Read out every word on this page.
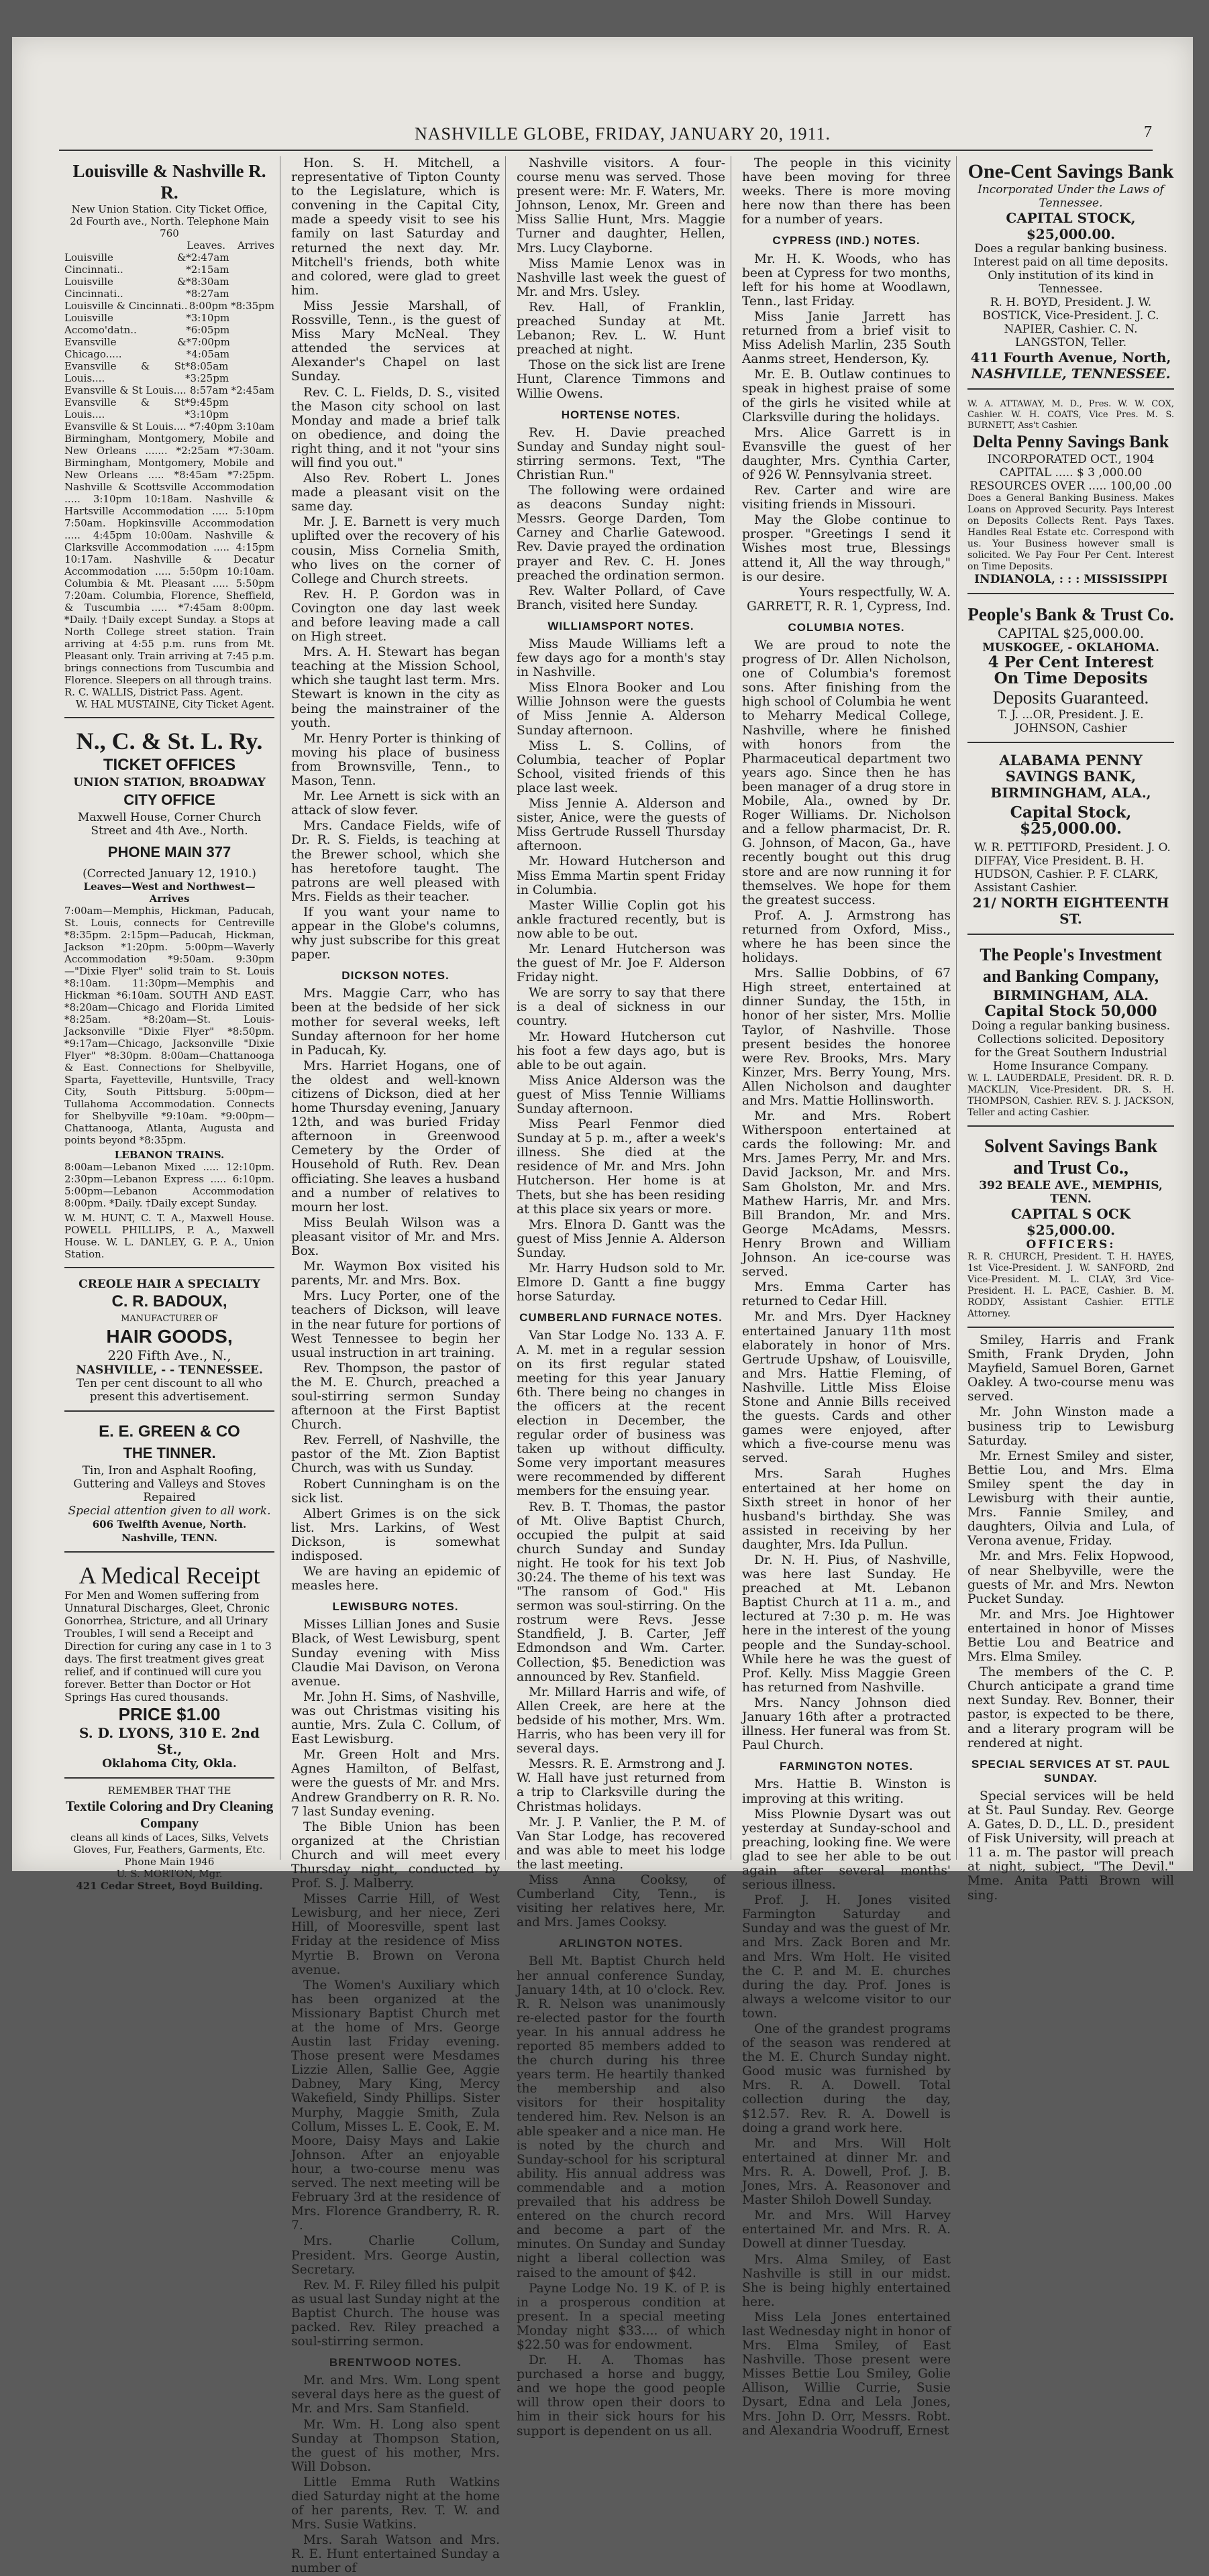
NASHVILLE GLOBE, FRIDAY, JANUARY 20, 1911.	7
Louisville & Nashville R. R.
New Union Station. City Ticket Office, 2d Fourth ave., North. Telephone Main 760
Leaves. Arrives
Louisville & Cincinnati..
*2:47am *2:15am
Louisville & Cincinnati..
*8:30am *8:27am
Louisville & Cincinnati.. 8:00pm *8:35pm
Louisville Accomo'datn..
*3:10pm *6:05pm
Evansville & Chicago.....
*7:00pm *4:05am
Evansville & St Louis....
*8:05am *3:25pm
Evansville & St Louis.... 8:57am *2:45am
Evansville & St Louis....
*9:45pm *3:10pm
Evansville & St Louis.... *7:40pm 3:10am
Birmingham, Montgomery, Mobile and New Orleans ....... *2:25am *7:30am. Birmingham, Montgomery, Mobile and New Orleans ..... *8:45am *7:25pm. Nashville & Scottsville Accommodation ..... 3:10pm 10:18am. Nashville & Hartsville Accommodation ..... 5:10pm 7:50am. Hopkinsville Accommodation ..... 4:45pm 10:00am. Nashville & Clarksville Accommodation ..... 4:15pm 10:17am. Nashville & Decatur Accommodation ..... 5:50pm 10:10am. Columbia & Mt. Pleasant ..... 5:50pm 7:20am. Columbia, Florence, Sheffield, & Tuscumbia ..... *7:45am 8:00pm. *Daily. †Daily except Sunday. a Stops at North College street station. Train arriving at 4:55 p.m. runs from Mt. Pleasant only. Train arriving at 7:45 p.m. brings connections from Tuscumbia and Florence. Sleepers on all through trains.
R. C. WALLIS, District Pass. Agent.
W. HAL MUSTAINE, City Ticket Agent.
N., C. & St. L. Ry.
TICKET OFFICES
UNION STATION, BROADWAY
CITY OFFICE
Maxwell House, Corner Church Street and 4th Ave., North.
PHONE MAIN 377
(Corrected January 12, 1910.)
Leaves—West and Northwest—Arrives
7:00am—Memphis, Hickman, Paducah, St. Louis, connects for Centreville *8:35pm. 2:15pm—Paducah, Hickman, Jackson *1:20pm. 5:00pm—Waverly Accommodation *9:50am. 9:30pm—"Dixie Flyer" solid train to St. Louis *8:10am. 11:30pm—Memphis and Hickman *6:10am. SOUTH AND EAST. *8:20am—Chicago and Florida Limited *8:25am. *8:20am—St. Louis-Jacksonville "Dixie Flyer" *8:50pm. *9:17am—Chicago, Jacksonville "Dixie Flyer" *8:30pm. 8:00am—Chattanooga & East. Connections for Shelbyville, Sparta, Fayetteville, Huntsville, Tracy City, South Pittsburg. 5:00pm—Tullahoma Accommodation. Connects for Shelbyville *9:10am. *9:00pm—Chattanooga, Atlanta, Augusta and points beyond *8:35pm.
LEBANON TRAINS.
8:00am—Lebanon Mixed ..... 12:10pm. 2:30pm—Lebanon Express ..... 6:10pm. 5:00pm—Lebanon Accommodation 8:00pm. *Daily. †Daily except Sunday.
W. M. HUNT, C. T. A., Maxwell House. POWELL PHILLIPS, P. A., Maxwell House. W. L. DANLEY, G. P. A., Union Station.
CREOLE HAIR A SPECIALTY
C. R. BADOUX,
MANUFACTURER OF
HAIR GOODS,
220 Fifth Ave., N.,
NASHVILLE, - - TENNESSEE.
Ten per cent discount to all who present this advertisement.
E. E. GREEN & CO
THE TINNER.
Tin, Iron and Asphalt Roofing, Guttering and Valleys and Stoves Repaired
Special attention given to all work.
606 Twelfth Avenue, North. Nashville, TENN.
A Medical Receipt
For Men and Women suffering from Unnatural Discharges, Gleet, Chronic Gonorrhea, Stricture, and all Urinary Troubles, I will send a Receipt and Direction for curing any case in 1 to 3 days. The first treatment gives great relief, and if continued will cure you forever. Better than Doctor or Hot Springs Has cured thousands.
PRICE $1.00
S. D. LYONS, 310 E. 2nd St.,
Oklahoma City, Okla.
REMEMBER THAT THE
Textile Coloring and Dry Cleaning Company
cleans all kinds of Laces, Silks, Velvets Gloves, Fur, Feathers, Garments, Etc.
Phone Main 1946
U. S. MORTON, Mgr.
421 Cedar Street, Boyd Building.

Hon. S. H. Mitchell, a representative of Tipton County to the Legislature, which is convening in the Capital City, made a speedy visit to see his family on last Saturday and returned the next day. Mr. Mitchell's friends, both white and colored, were glad to greet him.

Miss Jessie Marshall, of Rossville, Tenn., is the guest of Miss Mary McNeal. They attended the services at Alexander's Chapel on last Sunday.

Rev. C. L. Fields, D. S., visited the Mason city school on last Monday and made a brief talk on obedience, and doing the right thing, and it not "your sins will find you out."

Also Rev. Robert L. Jones made a pleasant visit on the same day.

Mr. J. E. Barnett is very much uplifted over the recovery of his cousin, Miss Cornelia Smith, who lives on the corner of College and Church streets.

Rev. H. P. Gordon was in Covington one day last week and before leaving made a call on High street.

Mrs. A. H. Stewart has began teaching at the Mission School, which she taught last term. Mrs. Stewart is known in the city as being the mainstrainer of the youth.

Mr. Henry Porter is thinking of moving his place of business from Brownsville, Tenn., to Mason, Tenn.

Mr. Lee Arnett is sick with an attack of slow fever.

Mrs. Candace Fields, wife of Dr. R. S. Fields, is teaching at the Brewer school, which she has heretofore taught. The patrons are well pleased with Mrs. Fields as their teacher.

If you want your name to appear in the Globe's columns, why just subscribe for this great paper.

DICKSON NOTES.

Mrs. Maggie Carr, who has been at the bedside of her sick mother for several weeks, left Sunday afternoon for her home in Paducah, Ky.

Mrs. Harriet Hogans, one of the oldest and well-known citizens of Dickson, died at her home Thursday evening, January 12th, and was buried Friday afternoon in Greenwood Cemetery by the Order of Household of Ruth. Rev. Dean officiating. She leaves a husband and a number of relatives to mourn her lost.

Miss Beulah Wilson was a pleasant visitor of Mr. and Mrs. Box.

Mr. Waymon Box visited his parents, Mr. and Mrs. Box.

Mrs. Lucy Porter, one of the teachers of Dickson, will leave in the near future for portions of West Tennessee to begin her usual instruction in art training.

Rev. Thompson, the pastor of the M. E. Church, preached a soul-stirring sermon Sunday afternoon at the First Baptist Church.

Rev. Ferrell, of Nashville, the pastor of the Mt. Zion Baptist Church, was with us Sunday.

Robert Cunningham is on the sick list.

Albert Grimes is on the sick list. Mrs. Larkins, of West Dickson, is somewhat indisposed.

We are having an epidemic of measles here.

LEWISBURG NOTES.

Misses Lillian Jones and Susie Black, of West Lewisburg, spent Sunday evening with Miss Claudie Mai Davison, on Verona avenue.

Mr. John H. Sims, of Nashville, was out Christmas visiting his auntie, Mrs. Zula C. Collum, of East Lewisburg.

Mr. Green Holt and Mrs. Agnes Hamilton, of Belfast, were the guests of Mr. and Mrs. Andrew Grandberry on R. R. No. 7 last Sunday evening.

The Bible Union has been organized at the Christian Church and will meet every Thursday night, conducted by Prof. S. J. Malberry.

Misses Carrie Hill, of West Lewisburg, and her niece, Zeri Hill, of Mooresville, spent last Friday at the residence of Miss Myrtie B. Brown on Verona avenue.

The Women's Auxiliary which has been organized at the Missionary Baptist Church met at the home of Mrs. George Austin last Friday evening. Those present were Mesdames Lizzie Allen, Sallie Gee, Aggie Dabney, Mary King, Mercy Wakefield, Sindy Phillips. Sister Murphy, Maggie Smith, Zula Collum, Misses L. E. Cook, E. M. Moore, Daisy Mays and Lakie Johnson. After an enjoyable hour, a two-course menu was served. The next meeting will be February 3rd at the residence of Mrs. Florence Grandberry, R. R. 7.

Mrs. Charlie Collum, President. Mrs. George Austin, Secretary.

Rev. M. F. Riley filled his pulpit as usual last Sunday night at the Baptist Church. The house was packed. Rev. Riley preached a soul-stirring sermon.

BRENTWOOD NOTES.

Mr. and Mrs. Wm. Long spent several days here as the guest of Mr. and Mrs. Sam Stanfield.

Mr. Wm. H. Long also spent Sunday at Thompson Station, the guest of his mother, Mrs. Will Dobson.

Little Emma Ruth Watkins died Saturday night at the home of her parents, Rev. T. W. and Mrs. Susie Watkins.

Mrs. Sarah Watson and Mrs. R. E. Hunt entertained Sunday a number of

Nashville visitors. A four-course menu was served. Those present were: Mr. F. Waters, Mr. Johnson, Lenox, Mr. Green and Miss Sallie Hunt, Mrs. Maggie Turner and daughter, Hellen, Mrs. Lucy Clayborne.

Miss Mamie Lenox was in Nashville last week the guest of Mr. and Mrs. Usley.

Rev. Hall, of Franklin, preached Sunday at Mt. Lebanon; Rev. L. W. Hunt preached at night.

Those on the sick list are Irene Hunt, Clarence Timmons and Willie Owens.

HORTENSE NOTES.

Rev. H. Davie preached Sunday and Sunday night soul-stirring sermons. Text, "The Christian Run."

The following were ordained as deacons Sunday night: Messrs. George Darden, Tom Carney and Charlie Gatewood. Rev. Davie prayed the ordination prayer and Rev. C. H. Jones preached the ordination sermon.

Rev. Walter Pollard, of Cave Branch, visited here Sunday.

WILLIAMSPORT NOTES.

Miss Maude Williams left a few days ago for a month's stay in Nashville.

Miss Elnora Booker and Lou Willie Johnson were the guests of Miss Jennie A. Alderson Sunday afternoon.

Miss L. S. Collins, of Columbia, teacher of Poplar School, visited friends of this place last week.

Miss Jennie A. Alderson and sister, Anice, were the guests of Miss Gertrude Russell Thursday afternoon.

Mr. Howard Hutcherson and Miss Emma Martin spent Friday in Columbia.

Master Willie Coplin got his ankle fractured recently, but is now able to be out.

Mr. Lenard Hutcherson was the guest of Mr. Joe F. Alderson Friday night.

We are sorry to say that there is a deal of sickness in our country.

Mr. Howard Hutcherson cut his foot a few days ago, but is able to be out again.

Miss Anice Alderson was the guest of Miss Tennie Williams Sunday afternoon.

Miss Pearl Fenmor died Sunday at 5 p. m., after a week's illness. She died at the residence of Mr. and Mrs. John Hutcherson. Her home is at Thets, but she has been residing at this place six years or more.

Mrs. Elnora D. Gantt was the guest of Miss Jennie A. Alderson Sunday.

Mr. Harry Hudson sold to Mr. Elmore D. Gantt a fine buggy horse Saturday.

CUMBERLAND FURNACE NOTES.

Van Star Lodge No. 133 A. F. A. M. met in a regular session on its first regular stated meeting for this year January 6th. There being no changes in the officers at the recent election in December, the regular order of business was taken up without difficulty. Some very important measures were recommended by different members for the ensuing year.

Rev. B. T. Thomas, the pastor of Mt. Olive Baptist Church, occupied the pulpit at said church Sunday and Sunday night. He took for his text Job 30:24. The theme of his text was "The ransom of God." His sermon was soul-stirring. On the rostrum were Revs. Jesse Standfield, J. B. Carter, Jeff Edmondson and Wm. Carter. Collection, $5. Benediction was announced by Rev. Stanfield.

Mr. Millard Harris and wife, of Allen Creek, are here at the bedside of his mother, Mrs. Wm. Harris, who has been very ill for several days.

Messrs. R. E. Armstrong and J. W. Hall have just returned from a trip to Clarksville during the Christmas holidays.

Mr. J. P. Vanlier, the P. M. of Van Star Lodge, has recovered and was able to meet his lodge the last meeting.

Miss Anna Cooksy, of Cumberland City, Tenn., is visiting her relatives here, Mr. and Mrs. James Cooksy.

ARLINGTON NOTES.

Bell Mt. Baptist Church held her annual conference Sunday, January 14th, at 10 o'clock. Rev. R. R. Nelson was unanimously re-elected pastor for the fourth year. In his annual address he reported 85 members added to the church during his three years term. He heartily thanked the membership and also visitors for their hospitality tendered him. Rev. Nelson is an able speaker and a nice man. He is noted by the church and Sunday-school for his scriptural ability. His annual address was commendable and a motion prevailed that his address be entered on the church record and become a part of the minutes. On Sunday and Sunday night a liberal collection was raised to the amount of $42.

Payne Lodge No. 19 K. of P. is in a prosperous condition at present. In a special meeting Monday night $33.... of which $22.50 was for endowment.

Dr. H. A. Thomas has purchased a horse and buggy, and we hope the good people will throw open their doors to him in their sick hours for his support is dependent on us all.

The people in this vicinity have been moving for three weeks. There is more moving here now than there has been for a number of years.

CYPRESS (IND.) NOTES.

Mr. H. K. Woods, who has been at Cypress for two months, left for his home at Woodlawn, Tenn., last Friday.

Miss Janie Jarrett has returned from a brief visit to Miss Adelish Marlin, 235 South Aanms street, Henderson, Ky.

Mr. E. B. Outlaw continues to speak in highest praise of some of the girls he visited while at Clarksville during the holidays.

Mrs. Alice Garrett is in Evansville the guest of her daughter, Mrs. Cynthia Carter, of 926 W. Pennsylvania street.

Rev. Carter and wire are visiting friends in Missouri.

May the Globe continue to prosper. "Greetings I send it Wishes most true, Blessings attend it, All the way through," is our desire.

Yours respectfully, W. A. GARRETT, R. R. 1, Cypress, Ind.

COLUMBIA NOTES.

We are proud to note the progress of Dr. Allen Nicholson, one of Columbia's foremost sons. After finishing from the high school of Columbia he went to Meharry Medical College, Nashville, where he finished with honors from the Pharmaceutical department two years ago. Since then he has been manager of a drug store in Mobile, Ala., owned by Dr. Roger Williams. Dr. Nicholson and a fellow pharmacist, Dr. R. G. Johnson, of Macon, Ga., have recently bought out this drug store and are now running it for themselves. We hope for them the greatest success.

Prof. A. J. Armstrong has returned from Oxford, Miss., where he has been since the holidays.

Mrs. Sallie Dobbins, of 67 High street, entertained at dinner Sunday, the 15th, in honor of her sister, Mrs. Mollie Taylor, of Nashville. Those present besides the honoree were Rev. Brooks, Mrs. Mary Kinzer, Mrs. Berry Young, Mrs. Allen Nicholson and daughter and Mrs. Mattie Hollinsworth.

Mr. and Mrs. Robert Witherspoon entertained at cards the following: Mr. and Mrs. James Perry, Mr. and Mrs. David Jackson, Mr. and Mrs. Sam Gholston, Mr. and Mrs. Mathew Harris, Mr. and Mrs. Bill Brandon, Mr. and Mrs. George McAdams, Messrs. Henry Brown and William Johnson. An ice-course was served.

Mrs. Emma Carter has returned to Cedar Hill.

Mr. and Mrs. Dyer Hackney entertained January 11th most elaborately in honor of Mrs. Gertrude Upshaw, of Louisville, and Mrs. Hattie Fleming, of Nashville. Little Miss Eloise Stone and Annie Bills received the guests. Cards and other games were enjoyed, after which a five-course menu was served.

Mrs. Sarah Hughes entertained at her home on Sixth street in honor of her husband's birthday. She was assisted in receiving by her daughter, Mrs. Ida Pullun.

Dr. N. H. Pius, of Nashville, was here last Sunday. He preached at Mt. Lebanon Baptist Church at 11 a. m., and lectured at 7:30 p. m. He was here in the interest of the young people and the Sunday-school. While here he was the guest of Prof. Kelly. Miss Maggie Green has returned from Nashville.

Mrs. Nancy Johnson died January 16th after a protracted illness. Her funeral was from St. Paul Church.

FARMINGTON NOTES.

Mrs. Hattie B. Winston is improving at this writing.

Miss Plownie Dysart was out yesterday at Sunday-school and preaching, looking fine. We were glad to see her able to be out again after several months' serious illness.

Prof. J. H. Jones visited Farmington Saturday and Sunday and was the guest of Mr. and Mrs. Zack Boren and Mr. and Mrs. Wm Holt. He visited the C. P. and M. E. churches during the day. Prof. Jones is always a welcome visitor to our town.

One of the grandest programs of the season was rendered at the M. E. Church Sunday night. Good music was furnished by Mrs. R. A. Dowell. Total collection during the day, $12.57. Rev. R. A. Dowell is doing a grand work here.

Mr. and Mrs. Will Holt entertained at dinner Mr. and Mrs. R. A. Dowell, Prof. J. B. Jones, Mrs. A. Reasonover and Master Shiloh Dowell Sunday.

Mr. and Mrs. Will Harvey entertained Mr. and Mrs. R. A. Dowell at dinner Tuesday.

Mrs. Alma Smiley, of East Nashville is still in our midst. She is being highly entertained here.

Miss Lela Jones entertained last Wednesday night in honor of Mrs. Elma Smiley, of East Nashville. Those present were Misses Bettie Lou Smiley, Golie Allison, Willie Currie, Susie Dysart, Edna and Lela Jones, Mrs. John D. Orr, Messrs. Robt. and Alexandria Woodruff, Ernest

One-Cent Savings Bank
Incorporated Under the Laws of Tennessee.
CAPITAL STOCK, $25,000.00.
Does a regular banking business. Interest paid on all time deposits. Only institution of its kind in Tennessee.
R. H. BOYD, President. J. W. BOSTICK, Vice-President. J. C. NAPIER, Cashier. C. N. LANGSTON, Teller.
411 Fourth Avenue, North,
NASHVILLE, TENNESSEE.
W. A. ATTAWAY, M. D., Pres. W. W. COX, Cashier. W. H. COATS, Vice Pres. M. S. BURNETT, Ass't Cashier.
Delta Penny Savings Bank
INCORPORATED OCT., 1904
CAPITAL ..... $ 3 ,000.00
RESOURCES OVER ..... 100,00 .00
Does a General Banking Business. Makes Loans on Approved Security. Pays Interest on Deposits Collects Rent. Pays Taxes. Handles Real Estate etc. Correspond with us. Your Business however small is solicited. We Pay Four Per Cent. Interest on Time Deposits.
INDIANOLA, : : : MISSISSIPPI
People's Bank & Trust Co.
CAPITAL $25,000.00.
MUSKOGEE, - OKLAHOMA.
4 Per Cent Interest
On Time Deposits
Deposits Guaranteed.
T. J. ...OR, President. J. E. JOHNSON, Cashier
ALABAMA PENNY SAVINGS BANK,
BIRMINGHAM, ALA.,
Capital Stock, $25,000.00.
W. R. PETTIFORD, President. J. O. DIFFAY, Vice President. B. H. HUDSON, Cashier. P. F. CLARK, Assistant Cashier.
21/ NORTH EIGHTEENTH ST.
The People's Investment and Banking Company,
BIRMINGHAM, ALA.
Capital Stock 50,000
Doing a regular banking business. Collections solicited. Depository for the Great Southern Industrial Home Insurance Company.
W. L. LAUDERDALE, President. DR. R. D. MACKLIN, Vice-President. DR. S. H. THOMPSON, Cashier. REV. S. J. JACKSON, Teller and acting Cashier.
Solvent Savings Bank and Trust Co.,
392 BEALE AVE., MEMPHIS, TENN.
CAPITAL S OCK $25,000.00.
OFFICERS:
R. R. CHURCH, President. T. H. HAYES, 1st Vice-President. J. W. SANFORD, 2nd Vice-President. M. L. CLAY, 3rd Vice-President. H. L. PACE, Cashier. B. M. RODDY, Assistant Cashier. ETTLE Attorney.

Smiley, Harris and Frank Smith, Frank Dryden, John Mayfield, Samuel Boren, Garnet Oakley. A two-course menu was served.

Mr. John Winston made a business trip to Lewisburg Saturday.

Mr. Ernest Smiley and sister, Bettie Lou, and Mrs. Elma Smiley spent the day in Lewisburg with their auntie, Mrs. Fannie Smiley, and daughters, Oilvia and Lula, of Verona avenue, Friday.

Mr. and Mrs. Felix Hopwood, of near Shelbyville, were the guests of Mr. and Mrs. Newton Pucket Sunday.

Mr. and Mrs. Joe Hightower entertained in honor of Misses Bettie Lou and Beatrice and Mrs. Elma Smiley.

The members of the C. P. Church anticipate a grand time next Sunday. Rev. Bonner, their pastor, is expected to be there, and a literary program will be rendered at night.

SPECIAL SERVICES AT ST. PAUL SUNDAY.

Special services will be held at St. Paul Sunday. Rev. George A. Gates, D. D., LL. D., president of Fisk University, will preach at 11 a. m. The pastor will preach at night, subject, "The Devil." Mme. Anita Patti Brown will sing.
